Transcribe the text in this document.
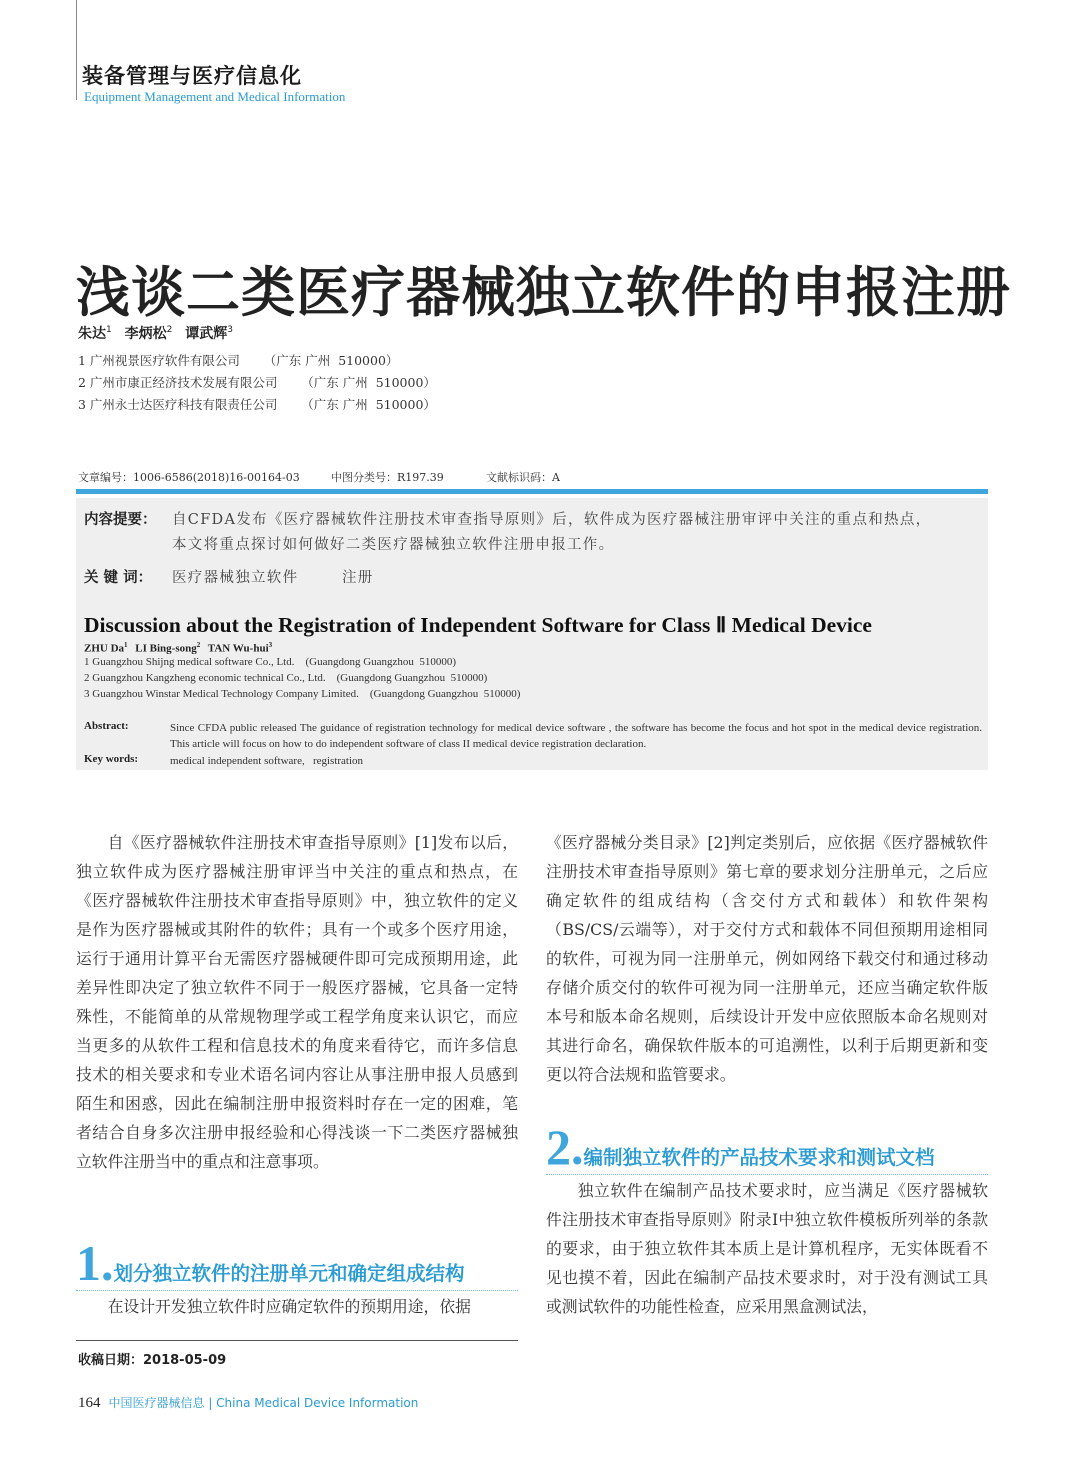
装备管理与医疗信息化
Equipment Management and Medical Information
浅谈二类医疗器械独立软件的申报注册
朱达$^1$ 李炳松$^2$ 谭武辉$^3$
1 广州视景医疗软件有限公司      （广东 广州  510000）
2 广州市康正经济技术发展有限公司      （广东 广州  510000）
3 广州永士达医疗科技有限责任公司      （广东 广州  510000）
文章编号：1006-6586(2018)16-00164-03	中图分类号：R197.39	文献标识码：A
内容提要： 自CFDA发布《医疗器械软件注册技术审查指导原则》后，软件成为医疗器械注册审评中关注的重点和热点，
本文将重点探讨如何做好二类医疗器械独立软件注册申报工作。
关 键 词： 医疗器械独立软件	注册
Discussion about the Registration of Independent Software for Class Ⅱ Medical Device
ZHU Da$^1$ LI Bing-song$^2$ TAN Wu-hui$^3$
1 Guangzhou Shijng medical software Co., Ltd.    (Guangdong Guangzhou  510000)
2 Guangzhou Kangzheng economic technical Co., Ltd.    (Guangdong Guangzhou  510000)
3 Guangzhou Winstar Medical Technology Company Limited.    (Guangdong Guangzhou  510000)
Abstract:	Since CFDA public released The guidance of registration technology for medical device software , the software has become the focus and hot spot in the medical device registration. This article will focus on how to do independent software of class II medical device registration declaration.
Key words:	medical independent software,   registration

自《医疗器械软件注册技术审查指导原则》[1]发布以后，独立软件成为医疗器械注册审评当中关注的重点和热点，在《医疗器械软件注册技术审查指导原则》中，独立软件的定义是作为医疗器械或其附件的软件；具有一个或多个医疗用途，运行于通用计算平台无需医疗器械硬件即可完成预期用途，此差异性即决定了独立软件不同于一般医疗器械，它具备一定特殊性，不能简单的从常规物理学或工程学角度来认识它，而应当更多的从软件工程和信息技术的角度来看待它，而许多信息技术的相关要求和专业术语名词内容让从事注册申报人员感到陌生和困惑，因此在编制注册申报资料时存在一定的困难，笔者结合自身多次注册申报经验和心得浅谈一下二类医疗器械独立软件注册当中的重点和注意事项。

1.划分独立软件的注册单元和确定组成结构

在设计开发独立软件时应确定软件的预期用途，依据

《医疗器械分类目录》[2]判定类别后，应依据《医疗器械软件注册技术审查指导原则》第七章的要求划分注册单元，之后应确定软件的组成结构（含交付方式和载体）和软件架构（BS/CS/云端等），对于交付方式和载体不同但预期用途相同的软件，可视为同一注册单元，例如网络下载交付和通过移动存储介质交付的软件可视为同一注册单元，还应当确定软件版本号和版本命名规则，后续设计开发中应依照版本命名规则对其进行命名，确保软件版本的可追溯性，以利于后期更新和变更以符合法规和监管要求。

2.编制独立软件的产品技术要求和测试文档

独立软件在编制产品技术要求时，应当满足《医疗器械软件注册技术审查指导原则》附录Ⅰ中独立软件模板所列举的条款的要求，由于独立软件其本质上是计算机程序，无实体既看不见也摸不着，因此在编制产品技术要求时，对于没有测试工具或测试软件的功能性检查，应采用黑盒测试法，

收稿日期：2018-05-09
164 中国医疗器械信息 | China Medical Device Information
